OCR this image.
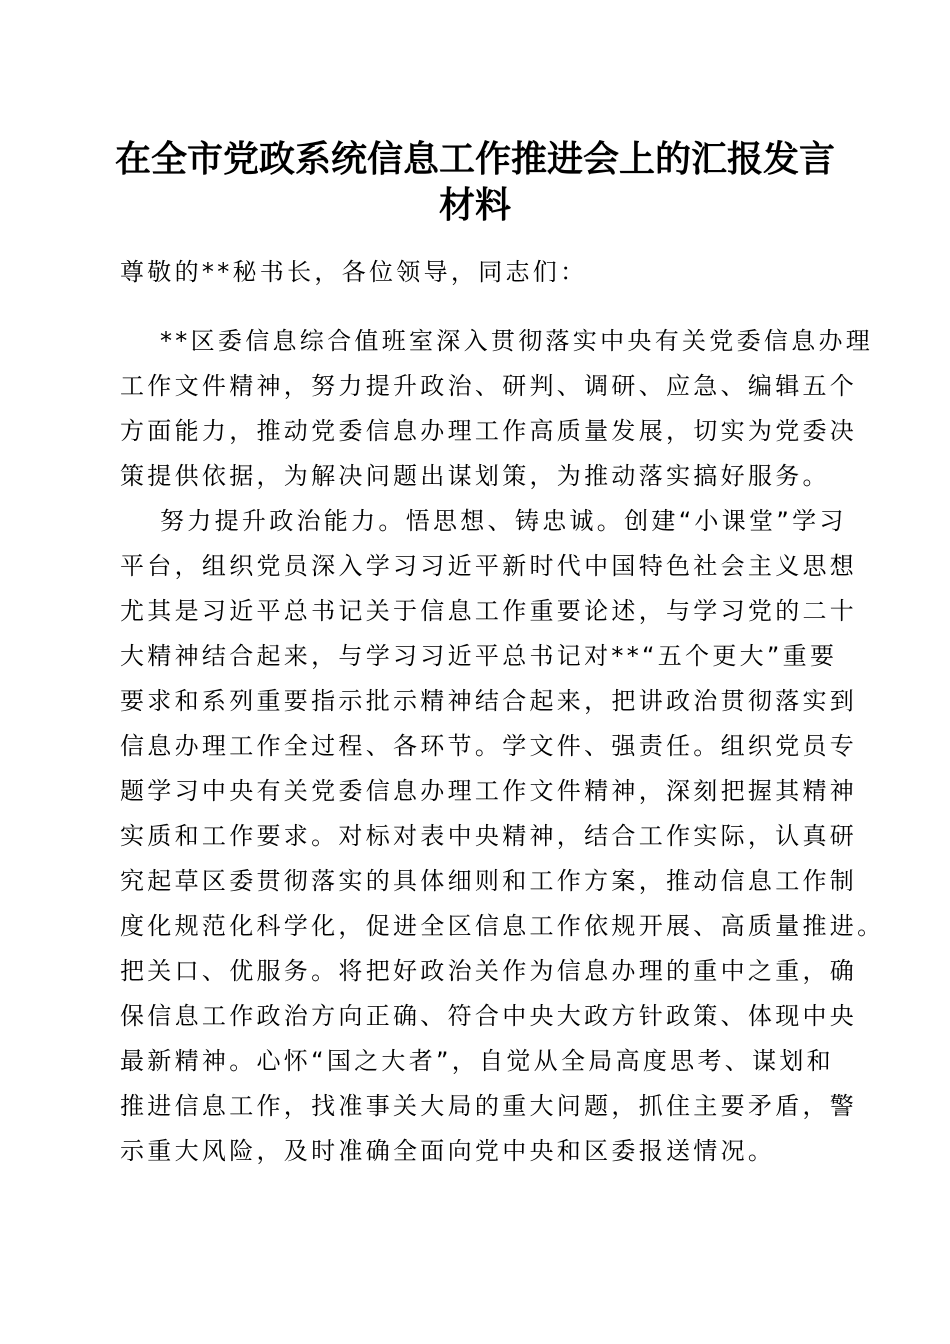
在全市党政系统信息工作推进会上的汇报发言
材料
尊敬的**秘书长，各位领导，同志们：
**区委信息综合值班室深入贯彻落实中央有关党委信息办理
工作文件精神，努力提升政治、研判、调研、应急、编辑五个
方面能力，推动党委信息办理工作高质量发展，切实为党委决
策提供依据，为解决问题出谋划策，为推动落实搞好服务。
努力提升政治能力。悟思想、铸忠诚。创建“小课堂”学习
平台，组织党员深入学习习近平新时代中国特色社会主义思想
尤其是习近平总书记关于信息工作重要论述，与学习党的二十
大精神结合起来，与学习习近平总书记对**“五个更大”重要
要求和系列重要指示批示精神结合起来，把讲政治贯彻落实到
信息办理工作全过程、各环节。学文件、强责任。组织党员专
题学习中央有关党委信息办理工作文件精神，深刻把握其精神
实质和工作要求。对标对表中央精神，结合工作实际，认真研
究起草区委贯彻落实的具体细则和工作方案，推动信息工作制
度化规范化科学化，促进全区信息工作依规开展、高质量推进。
把关口、优服务。将把好政治关作为信息办理的重中之重，确
保信息工作政治方向正确、符合中央大政方针政策、体现中央
最新精神。心怀“国之大者”，自觉从全局高度思考、谋划和
推进信息工作，找准事关大局的重大问题，抓住主要矛盾，警
示重大风险，及时准确全面向党中央和区委报送情况。
